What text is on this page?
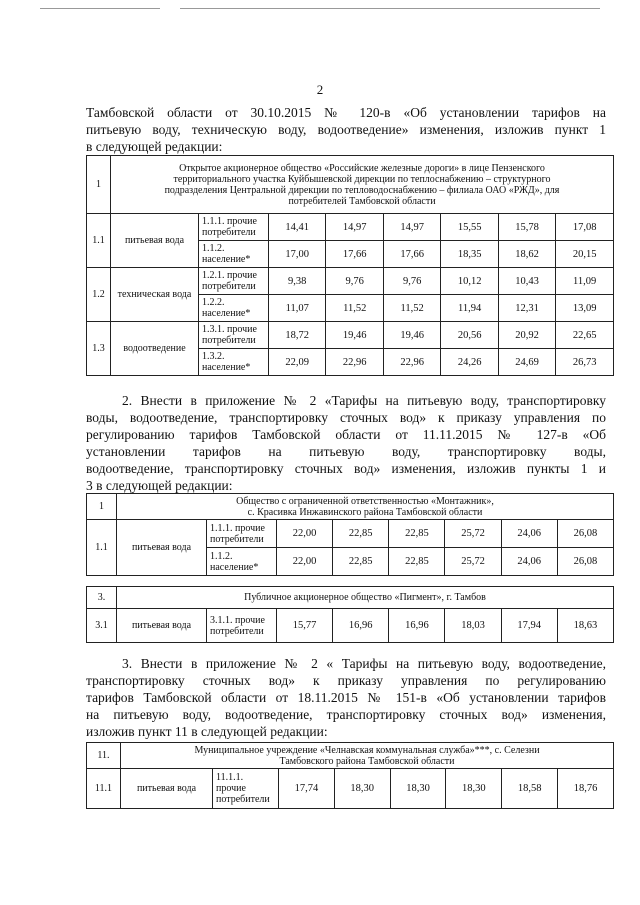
2
Тамбовской области от 30.10.2015 № 120-в «Об установлении тарифов на
питьевую воду, техническую воду, водоотведение» изменения, изложив пункт 1
в следующей редакции:
1	Открытое акционерное общество «Российские железные дороги» в лице Пензенского
территориального участка Куйбышевской дирекции по теплоснабжению – структурного
подразделения Центральной дирекции по тепловодоснабжению – филиала ОАО «РЖД», для
потребителей Тамбовской области							

1.1	питьевая вода	1.1.1. прочие потребители	14,41	14,97	14,97	15,55	15,78	17,08
		1.1.2. население*	17,00	17,66	17,66	18,35	18,62	20,15
1.2	техническая вода	1.2.1. прочие потребители	9,38	9,76	9,76	10,12	10,43	11,09
		1.2.2. население*	11,07	11,52	11,52	11,94	12,31	13,09
1.3	водоотведение	1.3.1. прочие потребители	18,72	19,46	19,46	20,56	20,92	22,65
		1.3.2. население*	22,09	22,96	22,96	24,26	24,69	26,73
2. Внести в приложение № 2 «Тарифы на питьевую воду, транспортировку
воды, водоотведение, транспортировку сточных вод» к приказу управления по
регулированию тарифов Тамбовской области от 11.11.2015 № 127-в «Об
установлении тарифов на питьевую воду, транспортировку воды,
водоотведение, транспортировку сточных вод» изменения, изложив пункты 1 и
3 в следующей редакции:
1	Общество с ограниченной ответственностью «Монтажник»,
с. Красивка Инжавинского района Тамбовской области							

1.1	питьевая вода	1.1.1. прочие потребители	22,00	22,85	22,85	25,72	24,06	26,08
		1.1.2. население*	22,00	22,85	22,85	25,72	24,06	26,08
3.	Публичное акционерное общество «Пигмент», г. Тамбов							
3.1	питьевая вода	3.1.1. прочие потребители	15,77	16,96	16,96	18,03	17,94	18,63
3. Внести в приложение № 2 « Тарифы на питьевую воду, водоотведение,
транспортировку сточных вод» к приказу управления по регулированию
тарифов Тамбовской области от 18.11.2015 № 151-в «Об установлении тарифов
на питьевую воду, водоотведение, транспортировку сточных вод» изменения,
изложив пункт 11 в следующей редакции:
11.	Муниципальное учреждение «Челнавская коммунальная служба»***, с. Селезни
Тамбовского района Тамбовской области							

11.1	питьевая вода	11.1.1. прочие потребители	17,74	18,30	18,30	18,30	18,58	18,76
